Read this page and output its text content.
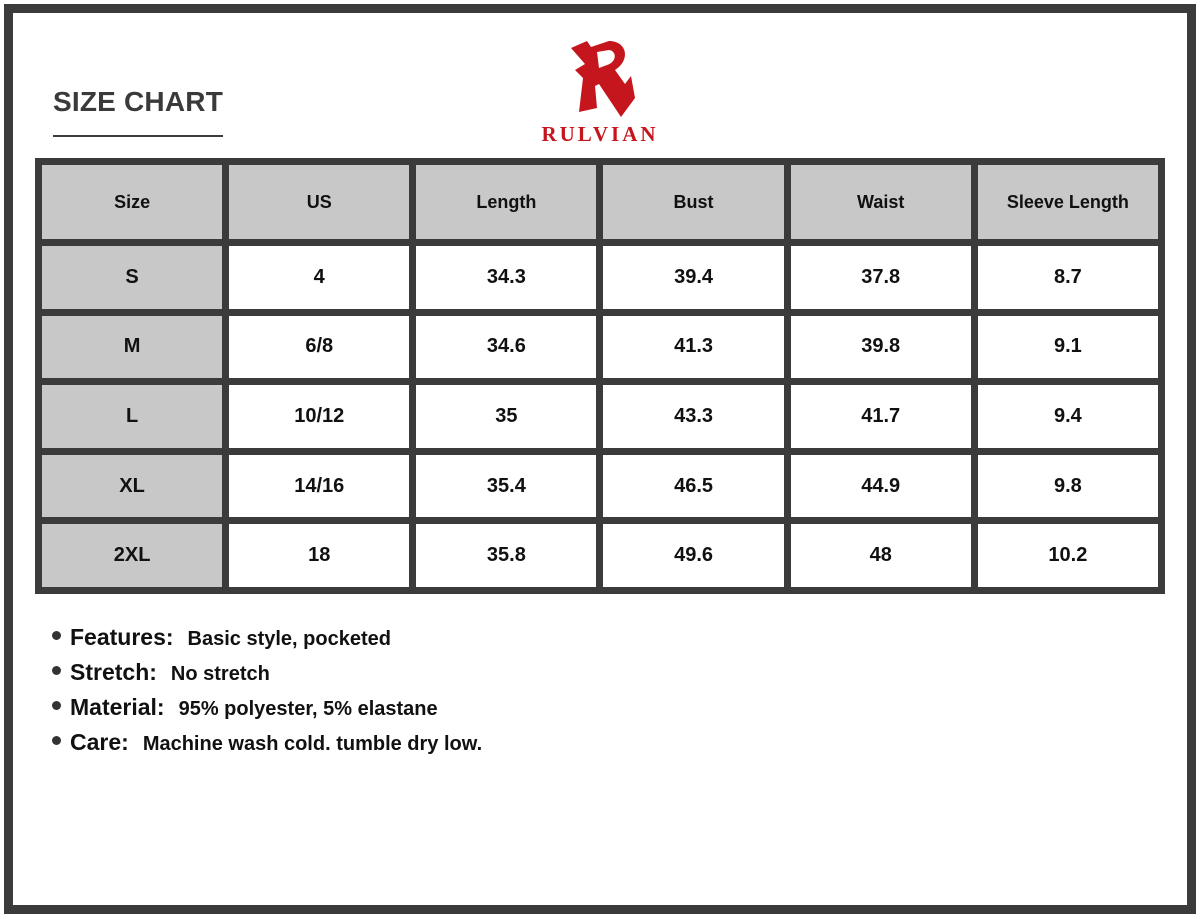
SIZE CHART
RULVIAN
Size	US	Length	Bust	Waist	Sleeve Length
S	4	34.3	39.4	37.8	8.7
M	6/8	34.6	41.3	39.8	9.1
L	10/12	35	43.3	41.7	9.4
XL	14/16	35.4	46.5	44.9	9.8
2XL	18	35.8	49.6	48	10.2
Features: Basic style, pocketed
Stretch: No stretch
Material: 95% polyester, 5% elastane
Care: Machine wash cold. tumble dry low.
